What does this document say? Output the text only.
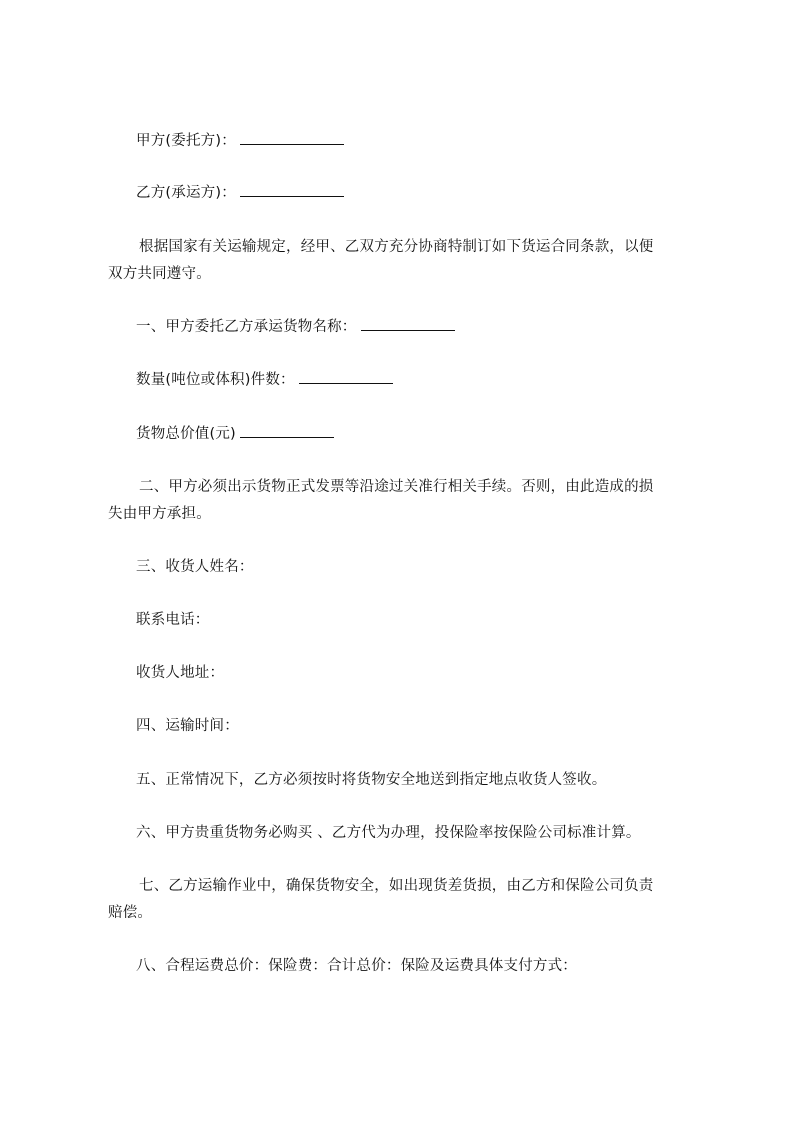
甲方(委托方)：
乙方(承运方)：
根据国家有关运输规定，经甲、乙双方充分协商特制订如下货运合同条款，以便
双方共同遵守。
一、甲方委托乙方承运货物名称：
数量(吨位或体积)件数：
货物总价值(元)
二、甲方必须出示货物正式发票等沿途过关准行相关手续。否则，由此造成的损
失由甲方承担。
三、收货人姓名：
联系电话：
收货人地址：
四、运输时间：
五、正常情况下，乙方必须按时将货物安全地送到指定地点收货人签收。
六、甲方贵重货物务必购买 、乙方代为办理，投保险率按保险公司标准计算。
七、乙方运输作业中，确保货物安全，如出现货差货损，由乙方和保险公司负责
赔偿。
八、合程运费总价：保险费：合计总价：保险及运费具体支付方式：
